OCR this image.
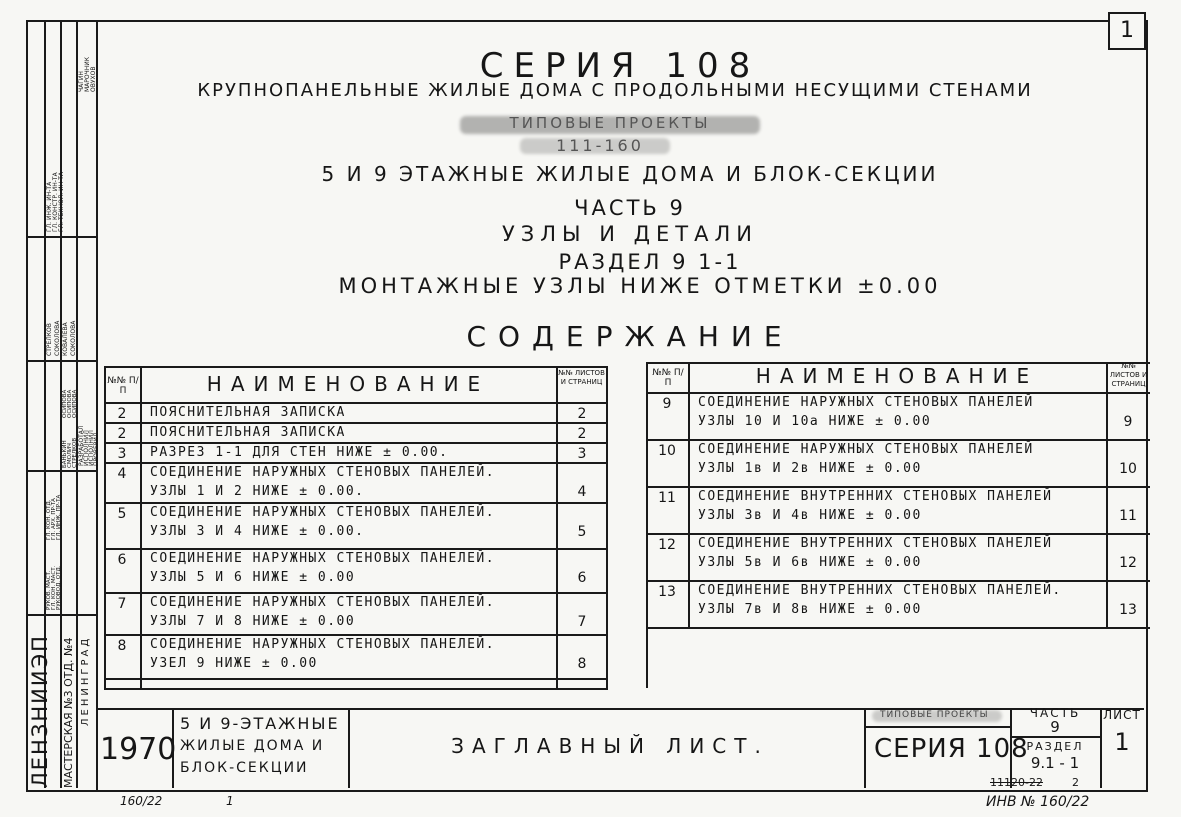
1
СЕРИЯ 108
КРУПНОПАНЕЛЬНЫЕ ЖИЛЫЕ ДОМА С ПРОДОЛЬНЫМИ НЕСУЩИМИ СТЕНАМИ
ТИПОВЫЕ ПРОЕКТЫ
111-160
5 И 9 ЭТАЖНЫЕ ЖИЛЫЕ ДОМА И БЛОК-СЕКЦИИ
ЧАСТЬ 9
УЗЛЫ И ДЕТАЛИ
РАЗДЕЛ 9 1-1
МОНТАЖНЫЕ УЗЛЫ НИЖЕ ОТМЕТКИ ±0.00
СОДЕРЖАНИЕ
№№ П/П	НАИМЕНОВАНИЕ	№№ ЛИСТОВ И СТРАНИЦ
2	ПОЯСНИТЕЛЬНАЯ ЗАПИСКА	2
2	ПОЯСНИТЕЛЬНАЯ ЗАПИСКА	2
3	РАЗРЕЗ 1-1 ДЛЯ СТЕН НИЖЕ ± 0.00.	3
4	СОЕДИНЕНИЕ НАРУЖНЫХ СТЕНОВЫХ ПАНЕЛЕЙ.
УЗЛЫ 1 И 2 НИЖЕ ± 0.00.	4
5	СОЕДИНЕНИЕ НАРУЖНЫХ СТЕНОВЫХ ПАНЕЛЕЙ.
УЗЛЫ 3 И 4 НИЖЕ ± 0.00.	5
6	СОЕДИНЕНИЕ НАРУЖНЫХ СТЕНОВЫХ ПАНЕЛЕЙ.
УЗЛЫ 5 И 6 НИЖЕ ± 0.00	6
7	СОЕДИНЕНИЕ НАРУЖНЫХ СТЕНОВЫХ ПАНЕЛЕЙ.
УЗЛЫ 7 И 8 НИЖЕ ± 0.00	7
8	СОЕДИНЕНИЕ НАРУЖНЫХ СТЕНОВЫХ ПАНЕЛЕЙ.
УЗЕЛ 9 НИЖЕ ± 0.00	8
№№ П/П	НАИМЕНОВАНИЕ	№№ ЛИСТОВ И СТРАНИЦ
9	СОЕДИНЕНИЕ НАРУЖНЫХ СТЕНОВЫХ ПАНЕЛЕЙ
УЗЛЫ 10 И 10а НИЖЕ ± 0.00	9
10	СОЕДИНЕНИЕ НАРУЖНЫХ СТЕНОВЫХ ПАНЕЛЕЙ
УЗЛЫ 1в И 2в НИЖЕ ± 0.00	10
11	СОЕДИНЕНИЕ ВНУТРЕННИХ СТЕНОВЫХ ПАНЕЛЕЙ
УЗЛЫ 3в И 4в НИЖЕ ± 0.00	11
12	СОЕДИНЕНИЕ ВНУТРЕННИХ СТЕНОВЫХ ПАНЕЛЕЙ
УЗЛЫ 5в И 6в НИЖЕ ± 0.00	12
13	СОЕДИНЕНИЕ ВНУТРЕННИХ СТЕНОВЫХ ПАНЕЛЕЙ.
УЗЛЫ 7в И 8в НИЖЕ ± 0.00	13
1970
5 И 9-ЭТАЖНЫЕ
ЖИЛЫЕ ДОМА И
БЛОК-СЕКЦИИ
ЗАГЛАВНЫЙ ЛИСТ.
ТИПОВЫЕ ПРОЕКТЫ
СЕРИЯ 108
ЧАСТЬ
9
РАЗДЕЛ
9.1 - 1
ЛИСТ
1
11120-22	2
ИНВ № 160/22
160/22	1
ЛЕНЗНИИЭП МАСТЕРСКАЯ №3 ОТД. №4 ЛЕНИНГРАД
ГЛ. ИНЖ. ИН-ТА ГЛ. КОНСТР. ИН-ТА ГЛ. ТЕХНОЛ. ИН-ТА
ЧАГИН МАРОЧНИК ОВУХОВ
СТРЕЛКОВ СОКОЛОВА КОВАЛЕВА СОКОЛОВА
РАЗРАБОТАЛ
ИСПОЛНИЛ
ИСПОЛНИЛ
ПРОВЕРИЛ
РУКОВ. МАСТ. ГЛ. КОН. МАСТ. РУКОВОД. ОТД.
ГЛ. КОН. ОТД. ГЛ. АРХ. ПР-ТА ГЛ. ИНЖ. ПР-ТА
БАНЬКИН СМОЛИЧ СТРЕЛКОВ
ОСИПОВА ОСИПОВА ОСИПОВА
